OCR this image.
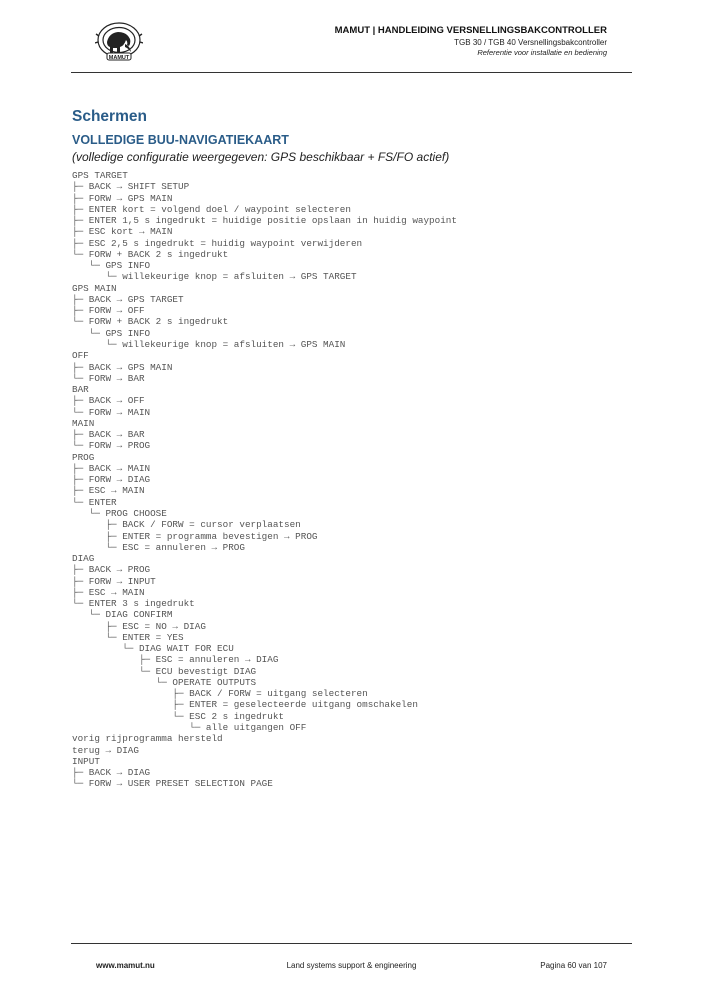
MAMUT
MAMUT | HANDLEIDING VERSNELLINGSBAKCONTROLLER
TGB 30 / TGB 40 Versnellingsbakcontroller
Referentie voor installatie en bediening
Schermen
VOLLEDIGE BUU-NAVIGATIEKAART
(volledige configuratie weergegeven: GPS beschikbaar + FS/FO actief)
GPS TARGET
├─ BACK → SHIFT SETUP
├─ FORW → GPS MAIN
├─ ENTER kort = volgend doel / waypoint selecteren
├─ ENTER 1,5 s ingedrukt = huidige positie opslaan in huidig waypoint
├─ ESC kort → MAIN
├─ ESC 2,5 s ingedrukt = huidig waypoint verwijderen
└─ FORW + BACK 2 s ingedrukt
└─ GPS INFO
└─ willekeurige knop = afsluiten → GPS TARGET
GPS MAIN
├─ BACK → GPS TARGET
├─ FORW → OFF
└─ FORW + BACK 2 s ingedrukt
└─ GPS INFO
└─ willekeurige knop = afsluiten → GPS MAIN
OFF
├─ BACK → GPS MAIN
└─ FORW → BAR
BAR
├─ BACK → OFF
└─ FORW → MAIN
MAIN
├─ BACK → BAR
└─ FORW → PROG
PROG
├─ BACK → MAIN
├─ FORW → DIAG
├─ ESC → MAIN
└─ ENTER
└─ PROG CHOOSE
├─ BACK / FORW = cursor verplaatsen
├─ ENTER = programma bevestigen → PROG
└─ ESC = annuleren → PROG
DIAG
├─ BACK → PROG
├─ FORW → INPUT
├─ ESC → MAIN
└─ ENTER 3 s ingedrukt
└─ DIAG CONFIRM
├─ ESC = NO → DIAG
└─ ENTER = YES
└─ DIAG WAIT FOR ECU
├─ ESC = annuleren → DIAG
└─ ECU bevestigt DIAG
└─ OPERATE OUTPUTS
├─ BACK / FORW = uitgang selecteren
├─ ENTER = geselecteerde uitgang omschakelen
└─ ESC 2 s ingedrukt
└─ alle uitgangen OFF
vorig rijprogramma hersteld
terug → DIAG
INPUT
├─ BACK → DIAG
└─ FORW → USER PRESET SELECTION PAGE
www.mamut.nu	Land systems support & engineering	Pagina 60 van 107
